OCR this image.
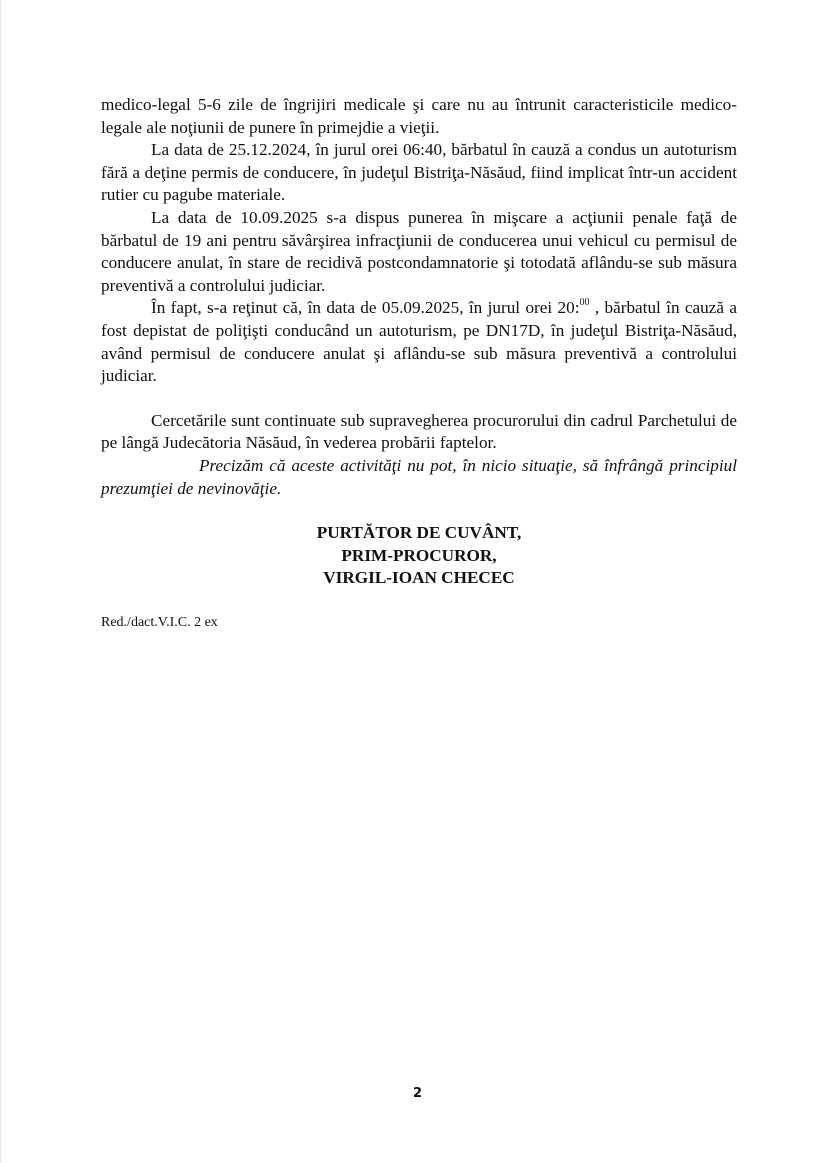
medico-legal 5-6 zile de îngrijiri medicale şi care nu au întrunit caracteristicile medico-legale ale noţiunii de punere în primejdie a vieţii.

La data de 25.12.2024, în jurul orei 06:40, bărbatul în cauză a condus un autoturism fără a deţine permis de conducere, în judeţul Bistriţa-Năsăud, fiind implicat într-un accident rutier cu pagube materiale.

La data de 10.09.2025 s-a dispus punerea în mişcare a acţiunii penale faţă de bărbatul de 19 ani pentru săvârşirea infracţiunii de conducerea unui vehicul cu permisul de conducere anulat, în stare de recidivă postcondamnatorie şi totodată aflându-se sub măsura preventivă a controlului judiciar.

În fapt, s-a reţinut că, în data de 05.09.2025, în jurul orei 20:$^{00}$ , bărbatul în cauză a fost depistat de poliţişti conducând un autoturism, pe DN17D, în judeţul Bistriţa-Năsăud, având permisul de conducere anulat şi aflându-se sub măsura preventivă a controlului judiciar.

Cercetările sunt continuate sub supravegherea procurorului din cadrul Parchetului de pe lângă Judecătoria Năsăud, în vederea probării faptelor.

Precizăm că aceste activităţi nu pot, în nicio situaţie, să înfrângă principiul prezumţiei de nevinovăţie.

PURTĂTOR DE CUVÂNT,
PRIM-PROCUROR,
VIRGIL-IOAN CHECEC
Red./dact.V.I.C. 2 ex
2
